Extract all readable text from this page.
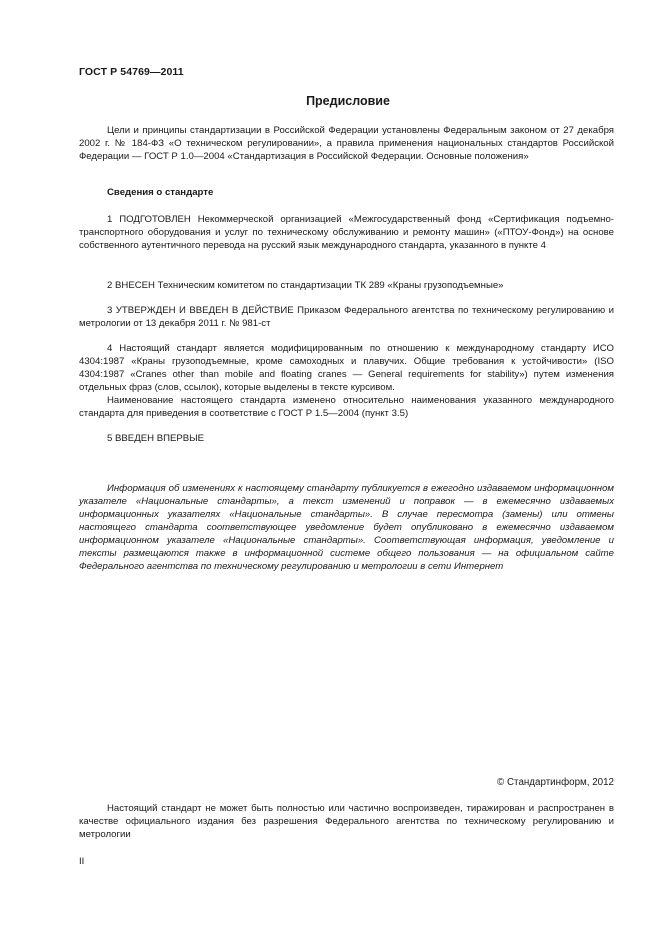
ГОСТ Р 54769—2011
Предисловие

Цели и принципы стандартизации в Российской Федерации установлены Федеральным законом от 27 декабря 2002 г. № 184-ФЗ «О техническом регулировании», а правила применения национальных стандартов Российской Федерации — ГОСТ Р 1.0—2004 «Стандартизация в Российской Федерации. Основные положения»

Сведения о стандарте

1 ПОДГОТОВЛЕН Некоммерческой организацией «Межгосударственный фонд «Сертификация подъемно-транспортного оборудования и услуг по техническому обслуживанию и ремонту машин» («ПТОУ-Фонд») на основе собственного аутентичного перевода на русский язык международного стандарта, указанного в пункте 4

2 ВНЕСЕН Техническим комитетом по стандартизации ТК 289 «Краны грузоподъемные»

3 УТВЕРЖДЕН И ВВЕДЕН В ДЕЙСТВИЕ Приказом Федерального агентства по техническому регулированию и метрологии от 13 декабря 2011 г. № 981-ст

4 Настоящий стандарт является модифицированным по отношению к международному стандарту ИСО 4304:1987 «Краны грузоподъемные, кроме самоходных и плавучих. Общие требования к устойчивости» (ISO 4304:1987 «Cranes other than mobile and floating cranes — General requirements for stability») путем изменения отдельных фраз (слов, ссылок), которые выделены в тексте курсивом.

Наименование настоящего стандарта изменено относительно наименования указанного международного стандарта для приведения в соответствие с ГОСТ Р 1.5—2004 (пункт 3.5)

5 ВВЕДЕН ВПЕРВЫЕ

Информация об изменениях к настоящему стандарту публикуется в ежегодно издаваемом информационном указателе «Национальные стандарты», а текст изменений и поправок — в ежемесячно издаваемых информационных указателях «Национальные стандарты». В случае пересмотра (замены) или отмены настоящего стандарта соответствующее уведомление будет опубликовано в ежемесячно издаваемом информационном указателе «Национальные стандарты». Соответствующая информация, уведомление и тексты размещаются также в информационной системе общего пользования — на официальном сайте Федерального агентства по техническому регулированию и метрологии в сети Интернет

© Стандартинформ, 2012

Настоящий стандарт не может быть полностью или частично воспроизведен, тиражирован и распространен в качестве официального издания без разрешения Федерального агентства по техническому регулированию и метрологии

II
